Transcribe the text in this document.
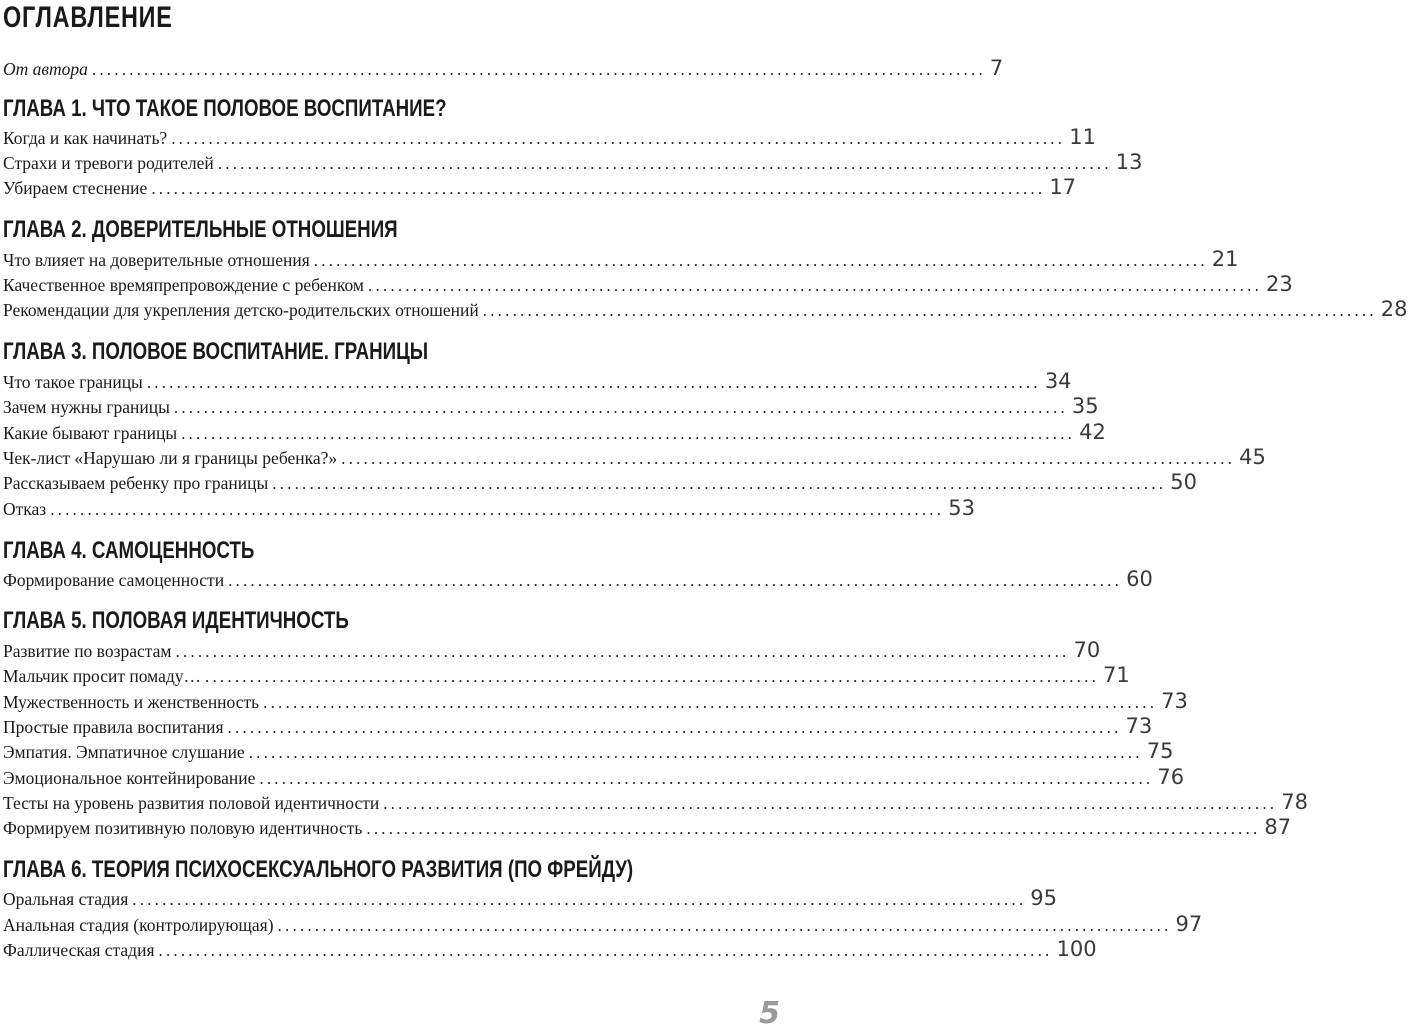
ОГЛАВЛЕНИЕ
От автора ........................................................................................................................ 7
ГЛАВА 1. ЧТО ТАКОЕ ПОЛОВОЕ ВОСПИТАНИЕ?
Когда и как начинать? ........................................................................................................................ 11
Страхи и тревоги родителей ........................................................................................................................ 13
Убираем стеснение ........................................................................................................................ 17
ГЛАВА 2. ДОВЕРИТЕЛЬНЫЕ ОТНОШЕНИЯ
Что влияет на доверительные отношения ........................................................................................................................ 21
Качественное времяпрепровождение с ребенком ........................................................................................................................ 23
Рекомендации для укрепления детско-родительских отношений ........................................................................................................................ 28
ГЛАВА 3. ПОЛОВОЕ ВОСПИТАНИЕ. ГРАНИЦЫ
Что такое границы ........................................................................................................................ 34
Зачем нужны границы ........................................................................................................................ 35
Какие бывают границы ........................................................................................................................ 42
Чек-лист «Нарушаю ли я границы ребенка?» ........................................................................................................................ 45
Рассказываем ребенку про границы ........................................................................................................................ 50
Отказ ........................................................................................................................ 53
ГЛАВА 4. САМОЦЕННОСТЬ
Формирование самоценности ........................................................................................................................ 60
ГЛАВА 5. ПОЛОВАЯ ИДЕНТИЧНОСТЬ
Развитие по возрастам ........................................................................................................................ 70
Мальчик просит помаду… ........................................................................................................................ 71
Мужественность и женственность ........................................................................................................................ 73
Простые правила воспитания ........................................................................................................................ 73
Эмпатия. Эмпатичное слушание ........................................................................................................................ 75
Эмоциональное контейнирование ........................................................................................................................ 76
Тесты на уровень развития половой идентичности ........................................................................................................................ 78
Формируем позитивную половую идентичность ........................................................................................................................ 87
ГЛАВА 6. ТЕОРИЯ ПСИХОСЕКСУАЛЬНОГО РАЗВИТИЯ (ПО ФРЕЙДУ)
Оральная стадия ........................................................................................................................ 95
Анальная стадия (контролирующая) ........................................................................................................................ 97
Фаллическая стадия ........................................................................................................................ 100
5
